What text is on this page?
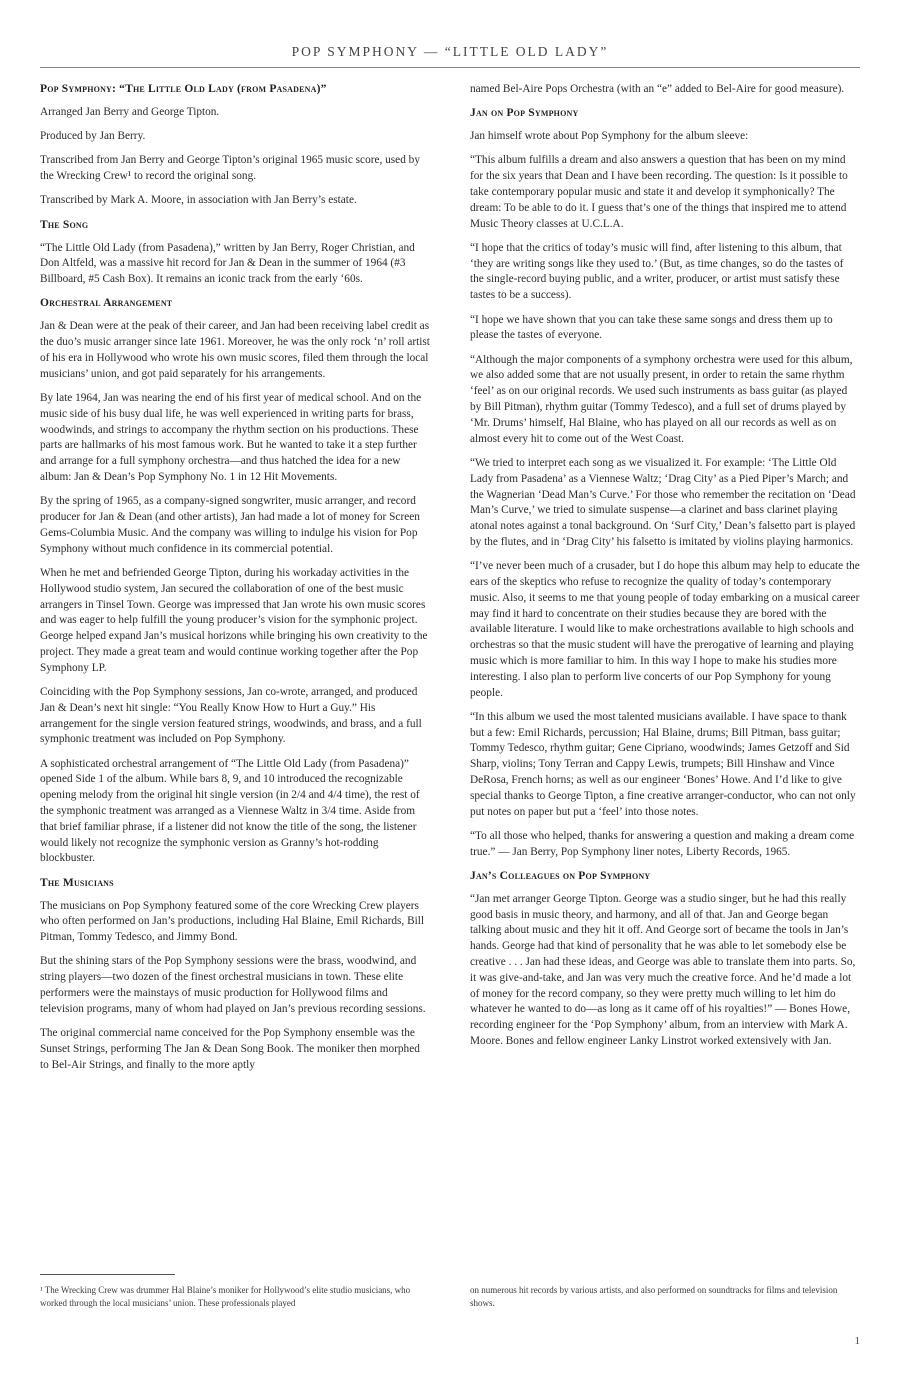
POP SYMPHONY — “LITTLE OLD LADY”
Pop Symphony: “The Little Old Lady (from Pasadena)”

Arranged Jan Berry and George Tipton.

Produced by Jan Berry.

Transcribed from Jan Berry and George Tipton’s original 1965 music score, used by the Wrecking Crew¹ to record the original song.

Transcribed by Mark A. Moore, in association with Jan Berry’s estate.

The Song

“The Little Old Lady (from Pasadena),” written by Jan Berry, Roger Christian, and Don Altfeld, was a massive hit record for Jan & Dean in the summer of 1964 (#3 Billboard, #5 Cash Box). It remains an iconic track from the early ‘60s.

Orchestral Arrangement

Jan & Dean were at the peak of their career, and Jan had been receiving label credit as the duo’s music arranger since late 1961. Moreover, he was the only rock ‘n’ roll artist of his era in Hollywood who wrote his own music scores, filed them through the local musicians’ union, and got paid separately for his arrangements.

By late 1964, Jan was nearing the end of his first year of medical school. And on the music side of his busy dual life, he was well experienced in writing parts for brass, woodwinds, and strings to accompany the rhythm section on his productions. These parts are hallmarks of his most famous work. But he wanted to take it a step further and arrange for a full symphony orchestra—and thus hatched the idea for a new album: Jan & Dean’s Pop Symphony No. 1 in 12 Hit Movements.

By the spring of 1965, as a company-signed songwriter, music arranger, and record producer for Jan & Dean (and other artists), Jan had made a lot of money for Screen Gems-Columbia Music. And the company was willing to indulge his vision for Pop Symphony without much confidence in its commercial potential.

When he met and befriended George Tipton, during his workaday activities in the Hollywood studio system, Jan secured the collaboration of one of the best music arrangers in Tinsel Town. George was impressed that Jan wrote his own music scores and was eager to help fulfill the young producer’s vision for the symphonic project. George helped expand Jan’s musical horizons while bringing his own creativity to the project. They made a great team and would continue working together after the Pop Symphony LP.

Coinciding with the Pop Symphony sessions, Jan co-wrote, arranged, and produced Jan & Dean’s next hit single: “You Really Know How to Hurt a Guy.” His arrangement for the single version featured strings, woodwinds, and brass, and a full symphonic treatment was included on Pop Symphony.

A sophisticated orchestral arrangement of “The Little Old Lady (from Pasadena)” opened Side 1 of the album. While bars 8, 9, and 10 introduced the recognizable opening melody from the original hit single version (in 2/4 and 4/4 time), the rest of the symphonic treatment was arranged as a Viennese Waltz in 3/4 time. Aside from that brief familiar phrase, if a listener did not know the title of the song, the listener would likely not recognize the symphonic version as Granny’s hot-rodding blockbuster.

The Musicians

The musicians on Pop Symphony featured some of the core Wrecking Crew players who often performed on Jan’s productions, including Hal Blaine, Emil Richards, Bill Pitman, Tommy Tedesco, and Jimmy Bond.

But the shining stars of the Pop Symphony sessions were the brass, woodwind, and string players—two dozen of the finest orchestral musicians in town. These elite performers were the mainstays of music production for Hollywood films and television programs, many of whom had played on Jan’s previous recording sessions.

The original commercial name conceived for the Pop Symphony ensemble was the Sunset Strings, performing The Jan & Dean Song Book. The moniker then morphed to Bel-Air Strings, and finally to the more aptly

named Bel-Aire Pops Orchestra (with an “e” added to Bel-Aire for good measure).

Jan on Pop Symphony

Jan himself wrote about Pop Symphony for the album sleeve:

“This album fulfills a dream and also answers a question that has been on my mind for the six years that Dean and I have been recording. The question: Is it possible to take contemporary popular music and state it and develop it symphonically? The dream: To be able to do it. I guess that’s one of the things that inspired me to attend Music Theory classes at U.C.L.A.

“I hope that the critics of today’s music will find, after listening to this album, that ‘they are writing songs like they used to.’ (But, as time changes, so do the tastes of the single-record buying public, and a writer, producer, or artist must satisfy these tastes to be a success).

“I hope we have shown that you can take these same songs and dress them up to please the tastes of everyone.

“Although the major components of a symphony orchestra were used for this album, we also added some that are not usually present, in order to retain the same rhythm ‘feel’ as on our original records. We used such instruments as bass guitar (as played by Bill Pitman), rhythm guitar (Tommy Tedesco), and a full set of drums played by ‘Mr. Drums’ himself, Hal Blaine, who has played on all our records as well as on almost every hit to come out of the West Coast.

“We tried to interpret each song as we visualized it. For example: ‘The Little Old Lady from Pasadena’ as a Viennese Waltz; ‘Drag City’ as a Pied Piper’s March; and the Wagnerian ‘Dead Man’s Curve.’ For those who remember the recitation on ‘Dead Man’s Curve,’ we tried to simulate suspense—a clarinet and bass clarinet playing atonal notes against a tonal background. On ‘Surf City,’ Dean’s falsetto part is played by the flutes, and in ‘Drag City’ his falsetto is imitated by violins playing harmonics.

“I’ve never been much of a crusader, but I do hope this album may help to educate the ears of the skeptics who refuse to recognize the quality of today’s contemporary music. Also, it seems to me that young people of today embarking on a musical career may find it hard to concentrate on their studies because they are bored with the available literature. I would like to make orchestrations available to high schools and orchestras so that the music student will have the prerogative of learning and playing music which is more familiar to him. In this way I hope to make his studies more interesting. I also plan to perform live concerts of our Pop Symphony for young people.

“In this album we used the most talented musicians available. I have space to thank but a few: Emil Richards, percussion; Hal Blaine, drums; Bill Pitman, bass guitar; Tommy Tedesco, rhythm guitar; Gene Cipriano, woodwinds; James Getzoff and Sid Sharp, violins; Tony Terran and Cappy Lewis, trumpets; Bill Hinshaw and Vince DeRosa, French horns; as well as our engineer ‘Bones’ Howe. And I’d like to give special thanks to George Tipton, a fine creative arranger-conductor, who can not only put notes on paper but put a ‘feel’ into those notes.

“To all those who helped, thanks for answering a question and making a dream come true.” — Jan Berry, Pop Symphony liner notes, Liberty Records, 1965.

Jan’s Colleagues on Pop Symphony

“Jan met arranger George Tipton. George was a studio singer, but he had this really good basis in music theory, and harmony, and all of that. Jan and George began talking about music and they hit it off. And George sort of became the tools in Jan’s hands. George had that kind of personality that he was able to let somebody else be creative . . . Jan had these ideas, and George was able to translate them into parts. So, it was give-and-take, and Jan was very much the creative force. And he’d made a lot of money for the record company, so they were pretty much willing to let him do whatever he wanted to do—as long as it came off of his royalties!” — Bones Howe, recording engineer for the ‘Pop Symphony’ album, from an interview with Mark A. Moore. Bones and fellow engineer Lanky Linstrot worked extensively with Jan.

¹ The Wrecking Crew was drummer Hal Blaine’s moniker for Hollywood’s elite studio musicians, who worked through the local musicians’ union. These professionals played
on numerous hit records by various artists, and also performed on soundtracks for films and television shows.
1
